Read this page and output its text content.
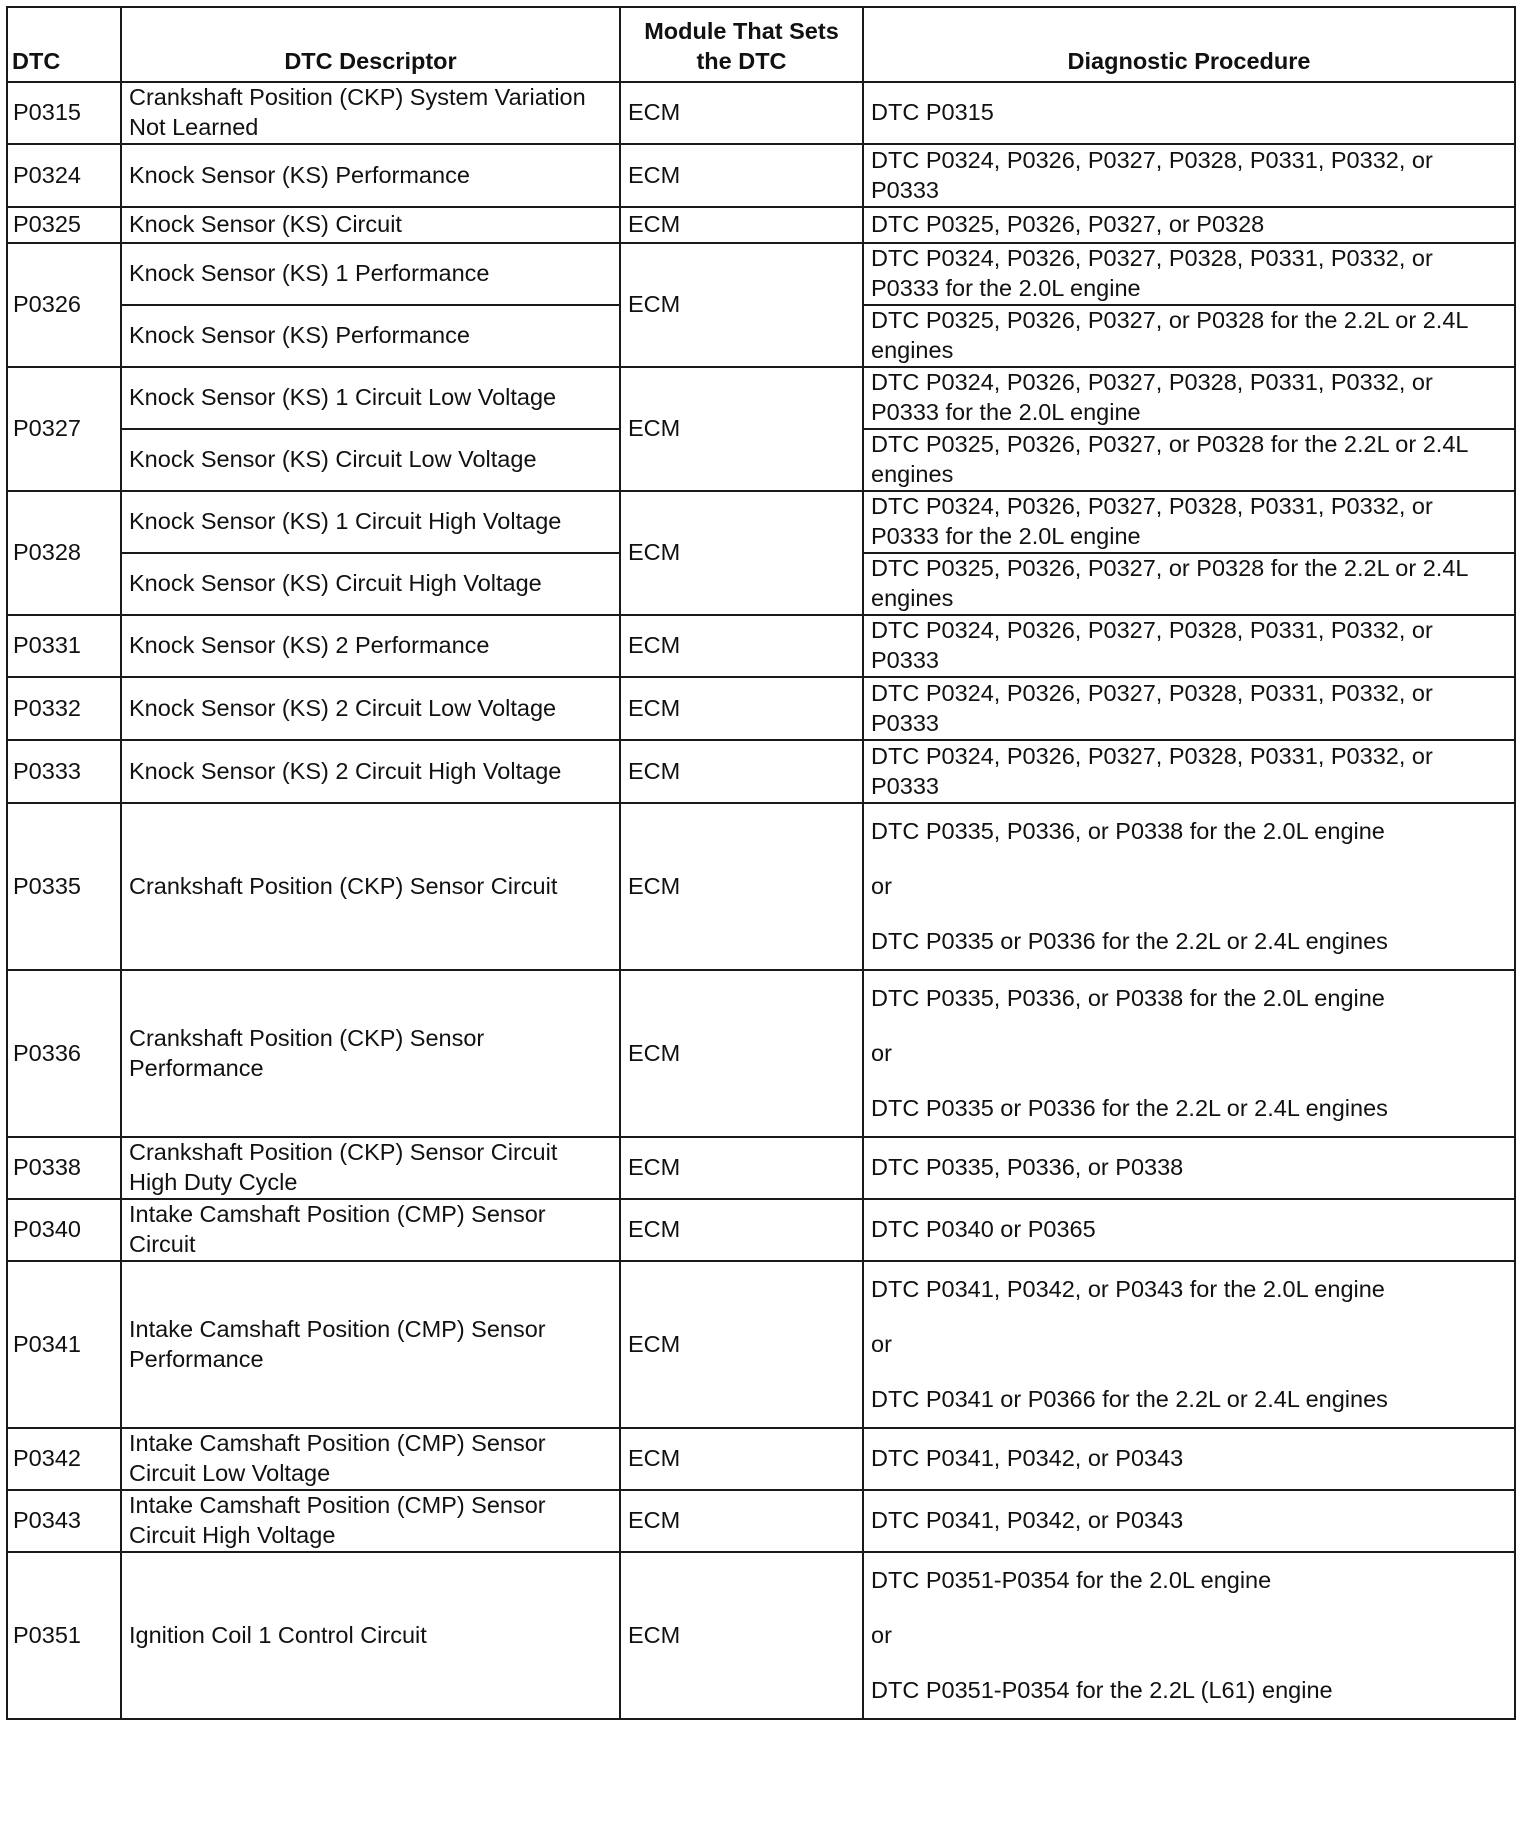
DTC	DTC Descriptor	Module That Sets the DTC	Diagnostic Procedure
P0315	Crankshaft Position (CKP) System Variation Not Learned	ECM	DTC P0315

P0324	Knock Sensor (KS) Performance	ECM	DTC P0324, P0326, P0327, P0328, P0331, P0332, or P0333

P0325	Knock Sensor (KS) Circuit	ECM	DTC P0325, P0326, P0327, or P0328

P0326	Knock Sensor (KS) 1 Performance	ECM	DTC P0324, P0326, P0327, P0328, P0331, P0332, or P0333 for the 2.0L engine

	Knock Sensor (KS) Performance		DTC P0325, P0326, P0327, or P0328 for the 2.2L or 2.4L engines

P0327	Knock Sensor (KS) 1 Circuit Low Voltage	ECM	DTC P0324, P0326, P0327, P0328, P0331, P0332, or P0333 for the 2.0L engine

	Knock Sensor (KS) Circuit Low Voltage		DTC P0325, P0326, P0327, or P0328 for the 2.2L or 2.4L engines

P0328	Knock Sensor (KS) 1 Circuit High Voltage	ECM	DTC P0324, P0326, P0327, P0328, P0331, P0332, or P0333 for the 2.0L engine

	Knock Sensor (KS) Circuit High Voltage		DTC P0325, P0326, P0327, or P0328 for the 2.2L or 2.4L engines

P0331	Knock Sensor (KS) 2 Performance	ECM	DTC P0324, P0326, P0327, P0328, P0331, P0332, or P0333

P0332	Knock Sensor (KS) 2 Circuit Low Voltage	ECM	DTC P0324, P0326, P0327, P0328, P0331, P0332, or P0333

P0333	Knock Sensor (KS) 2 Circuit High Voltage	ECM	DTC P0324, P0326, P0327, P0328, P0331, P0332, or P0333

P0335	Crankshaft Position (CKP) Sensor Circuit	ECM	DTC P0335, P0336, or P0338 for the 2.0L engine
or
DTC P0335 or P0336 for the 2.2L or 2.4L engines

P0336	Crankshaft Position (CKP) Sensor Performance	ECM	DTC P0335, P0336, or P0338 for the 2.0L engine
or
DTC P0335 or P0336 for the 2.2L or 2.4L engines

P0338	Crankshaft Position (CKP) Sensor Circuit High Duty Cycle	ECM	DTC P0335, P0336, or P0338

P0340	Intake Camshaft Position (CMP) Sensor Circuit	ECM	DTC P0340 or P0365

P0341	Intake Camshaft Position (CMP) Sensor Performance	ECM	DTC P0341, P0342, or P0343 for the 2.0L engine
or
DTC P0341 or P0366 for the 2.2L or 2.4L engines

P0342	Intake Camshaft Position (CMP) Sensor Circuit Low Voltage	ECM	DTC P0341, P0342, or P0343

P0343	Intake Camshaft Position (CMP) Sensor Circuit High Voltage	ECM	DTC P0341, P0342, or P0343

P0351	Ignition Coil 1 Control Circuit	ECM	DTC P0351-P0354 for the 2.0L engine
or
DTC P0351-P0354 for the 2.2L (L61) engine
